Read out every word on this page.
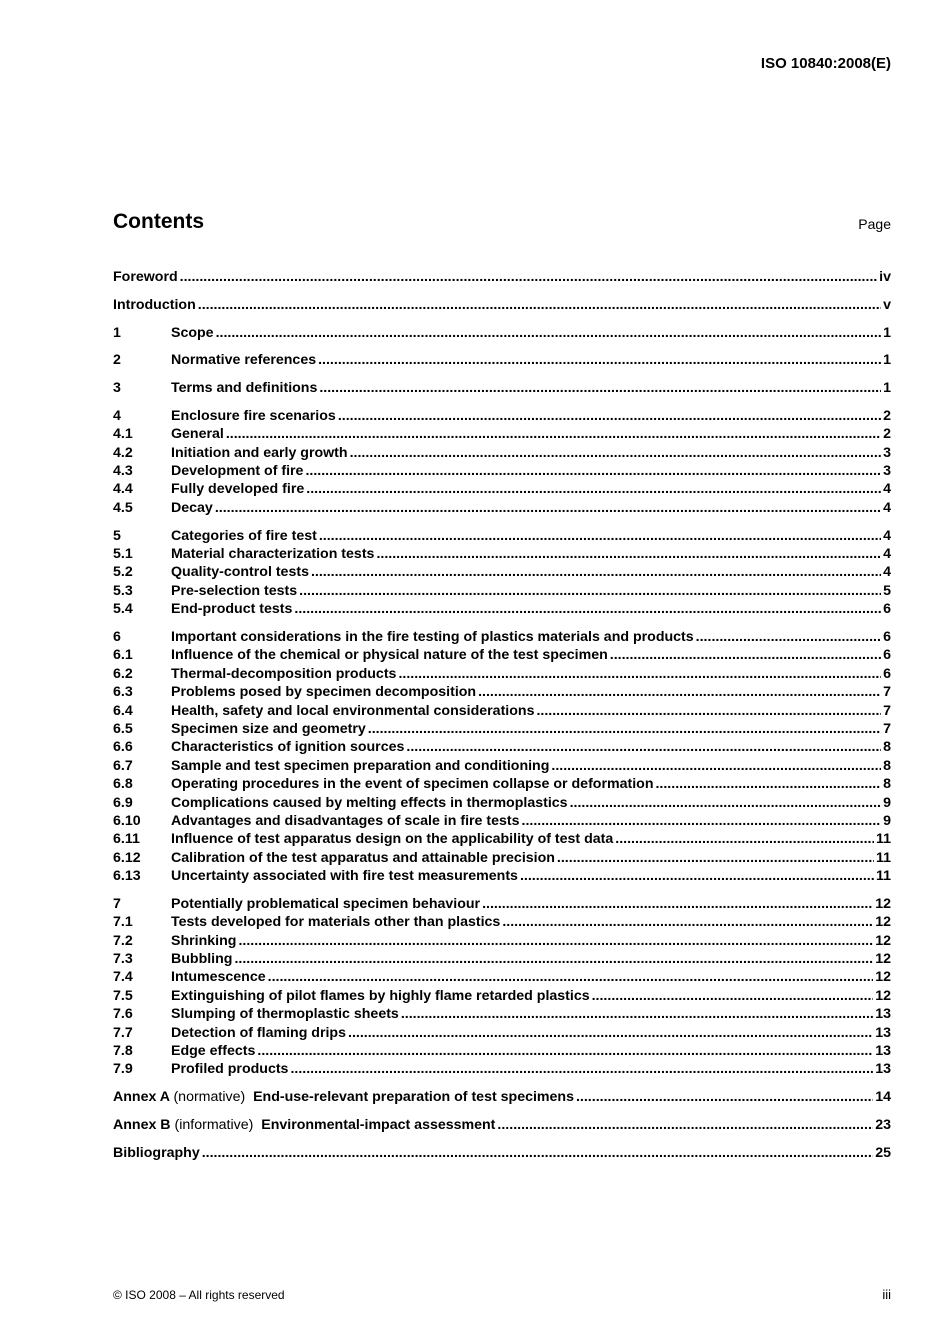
ISO 10840:2008(E)
Contents	Page
Foreword .....	iv
Introduction .....	v
1	Scope .....	1
2	Normative references .....	1
3	Terms and definitions .....	1
4	Enclosure fire scenarios .....	2
4.1	General .....	2
4.2	Initiation and early growth .....	3
4.3	Development of fire .....	3
4.4	Fully developed fire .....	4
4.5	Decay .....	4
5	Categories of fire test .....	4
5.1	Material characterization tests .....	4
5.2	Quality-control tests .....	4
5.3	Pre-selection tests .....	5
5.4	End-product tests .....	6
6	Important considerations in the fire testing of plastics materials and products .....	6
6.1	Influence of the chemical or physical nature of the test specimen .....	6
6.2	Thermal-decomposition products .....	6
6.3	Problems posed by specimen decomposition .....	7
6.4	Health, safety and local environmental considerations .....	7
6.5	Specimen size and geometry .....	7
6.6	Characteristics of ignition sources .....	8
6.7	Sample and test specimen preparation and conditioning .....	8
6.8	Operating procedures in the event of specimen collapse or deformation .....	8
6.9	Complications caused by melting effects in thermoplastics .....	9
6.10	Advantages and disadvantages of scale in fire tests .....	9
6.11	Influence of test apparatus design on the applicability of test data .....	11
6.12	Calibration of the test apparatus and attainable precision .....	11
6.13	Uncertainty associated with fire test measurements .....	11
7	Potentially problematical specimen behaviour .....	12
7.1	Tests developed for materials other than plastics .....	12
7.2	Shrinking .....	12
7.3	Bubbling .....	12
7.4	Intumescence .....	12
7.5	Extinguishing of pilot flames by highly flame retarded plastics .....	12
7.6	Slumping of thermoplastic sheets .....	13
7.7	Detection of flaming drips .....	13
7.8	Edge effects .....	13
7.9	Profiled products .....	13
Annex A (normative) End-use-relevant preparation of test specimens .....	14
Annex B (informative) Environmental-impact assessment .....	23
Bibliography .....	25
© ISO 2008 – All rights reserved	iii
